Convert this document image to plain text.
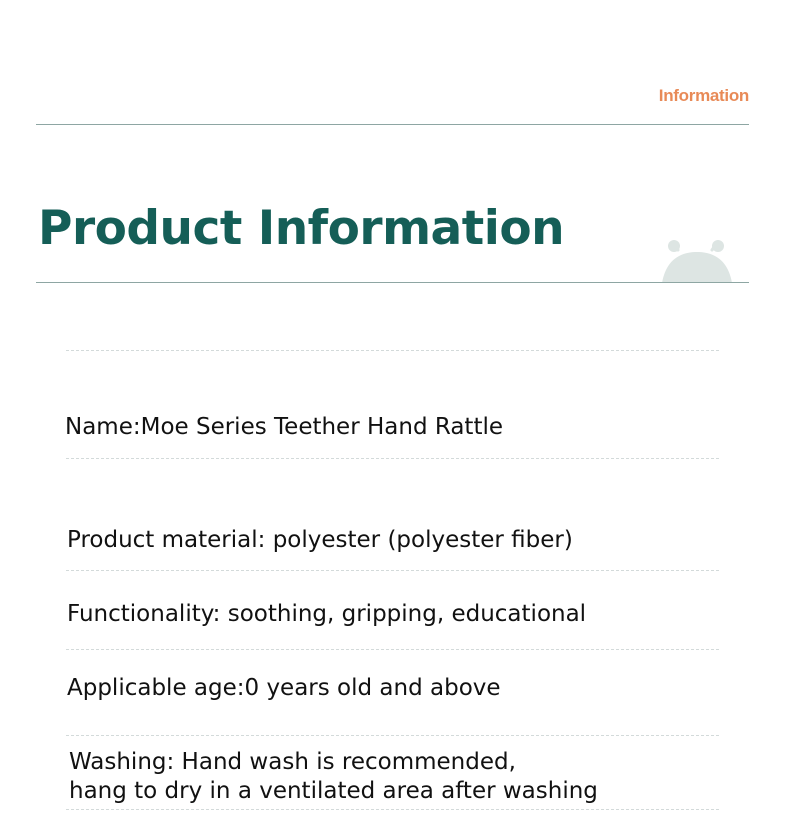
Information
Product Information

Name:Moe Series Teether Hand Rattle

Product material: polyester (polyester fiber)

Functionality: soothing, gripping, educational

Applicable age:0 years old and above

Washing: Hand wash is recommended,

hang to dry in a ventilated area after washing
